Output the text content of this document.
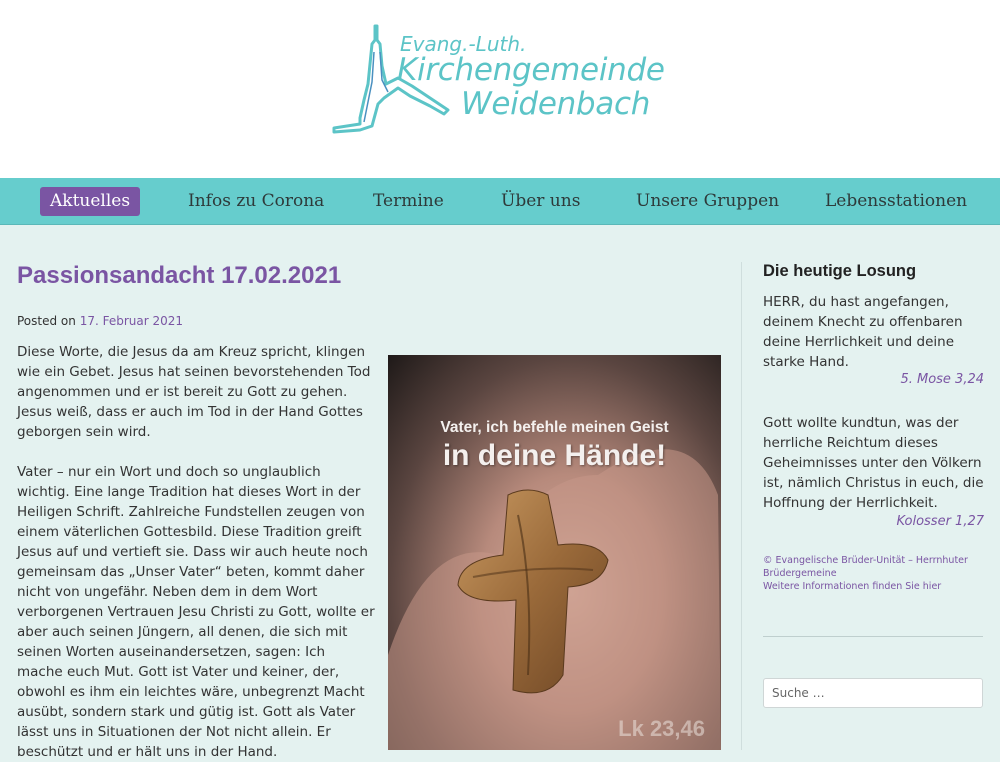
Evang.-Luth.
Kirchengemeinde
Weidenbach
Aktuelles	Infos zu Corona	Termine	Über uns	Unsere Gruppen	Lebensstationen
Passionsandacht 17.02.2021
Posted on 17. Februar 2021

Diese Worte, die Jesus da am Kreuz spricht, klingen wie ein Gebet. Jesus hat seinen bevorstehenden Tod angenommen und er ist bereit zu Gott zu gehen. Jesus weiß, dass er auch im Tod in der Hand Gottes geborgen sein wird.

Vater – nur ein Wort und doch so unglaublich wichtig. Eine lange Tradition hat dieses Wort in der Heiligen Schrift. Zahlreiche Fundstellen zeugen von einem väterlichen Gottesbild. Diese Tradition greift Jesus auf und vertieft sie. Dass wir auch heute noch gemeinsam das „Unser Vater“ beten, kommt daher nicht von ungefähr. Neben dem in dem Wort verborgenen Vertrauen Jesu Christi zu Gott, wollte er aber auch seinen Jüngern, all denen, die sich mit seinen Worten auseinandersetzen, sagen: Ich mache euch Mut. Gott ist Vater und keiner, der, obwohl es ihm ein leichtes wäre, unbegrenzt Macht ausübt, sondern stark und gütig ist. Gott als Vater lässt uns in Situationen der Not nicht allein. Er beschützt und er hält uns in der Hand.

Vater, ich befehle meinen Geist
in deine Hände!
Lk 23,46
Die heutige Losung

HERR, du hast angefangen, deinem Knecht zu offenbaren deine Herrlichkeit und deine starke Hand.

5. Mose 3,24

Gott wollte kundtun, was der herrliche Reichtum dieses Geheimnisses unter den Völkern ist, nämlich Christus in euch, die Hoffnung der Herrlichkeit.

Kolosser 1,27
© Evangelische Brüder-Unität – Herrnhuter Brüdergemeine
Weitere Informationen finden Sie hier
Suche …
